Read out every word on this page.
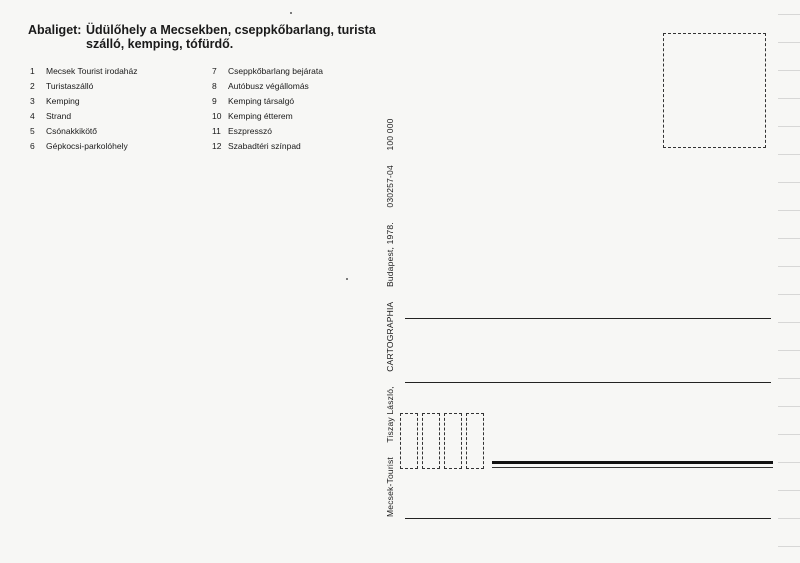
Abaliget: Üdülőhely a Mecsekben, cseppkőbarlang, turista szálló, kemping, tófürdő.
1	Mecsek Tourist irodaház
2	Turistaszálló
3	Kemping
4	Strand
5	Csónakkikötő
6	Gépkocsi-parkolóhely
7	Cseppkőbarlang bejárata
8	Autóbusz végállomás
9	Kemping társalgó
10 Kemping étterem
11 Eszpresszó
12 Szabadtéri színpad
Mecsek-Tourist Tiszay László, CARTOGRAPHIA Budapest, 1978. 030257-04 100 000
